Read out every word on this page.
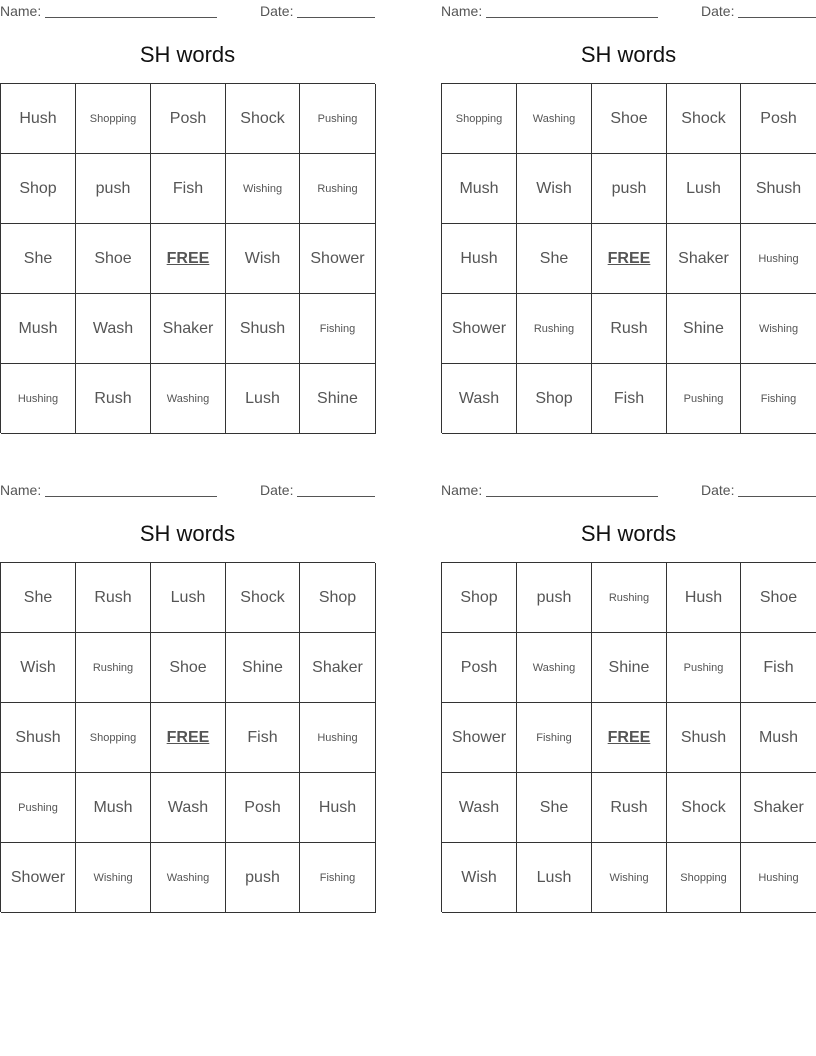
Name:	Date:
SH words
Hush	Shopping	Posh	Shock	Pushing
Shop	push	Fish	Wishing	Rushing
She	Shoe	FREE	Wish	Shower
Mush	Wash	Shaker	Shush	Fishing
Hushing	Rush	Washing	Lush	Shine
Name:	Date:
SH words
Shopping	Washing	Shoe	Shock	Posh
Mush	Wish	push	Lush	Shush
Hush	She	FREE	Shaker	Hushing
Shower	Rushing	Rush	Shine	Wishing
Wash	Shop	Fish	Pushing	Fishing
Name:	Date:
SH words
She	Rush	Lush	Shock	Shop
Wish	Rushing	Shoe	Shine	Shaker
Shush	Shopping	FREE	Fish	Hushing
Pushing	Mush	Wash	Posh	Hush
Shower	Wishing	Washing	push	Fishing
Name:	Date:
SH words
Shop	push	Rushing	Hush	Shoe
Posh	Washing	Shine	Pushing	Fish
Shower	Fishing	FREE	Shush	Mush
Wash	She	Rush	Shock	Shaker
Wish	Lush	Wishing	Shopping	Hushing
